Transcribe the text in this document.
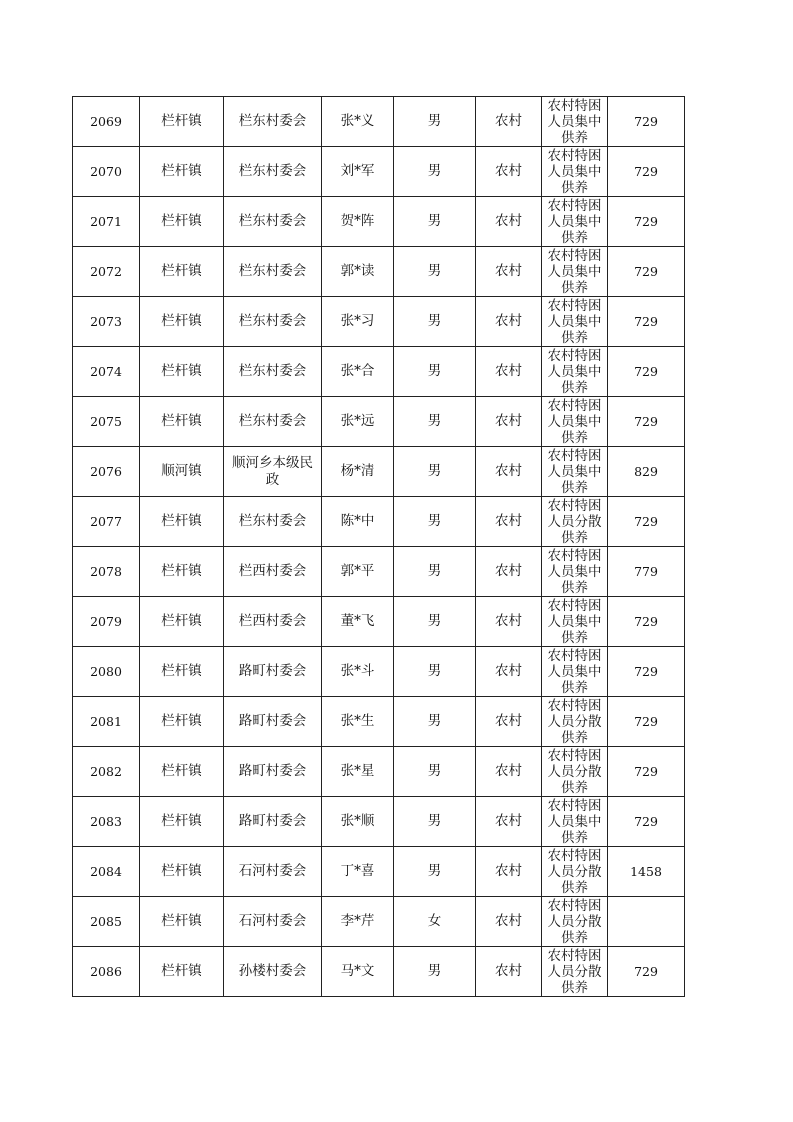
2069	栏杆镇	栏东村委会	张*义	男	农村	农村特困人员集中供养	729
2070	栏杆镇	栏东村委会	刘*军	男	农村	农村特困人员集中供养	729
2071	栏杆镇	栏东村委会	贺*阵	男	农村	农村特困人员集中供养	729
2072	栏杆镇	栏东村委会	郭*读	男	农村	农村特困人员集中供养	729
2073	栏杆镇	栏东村委会	张*习	男	农村	农村特困人员集中供养	729
2074	栏杆镇	栏东村委会	张*合	男	农村	农村特困人员集中供养	729
2075	栏杆镇	栏东村委会	张*远	男	农村	农村特困人员集中供养	729
2076	顺河镇	顺河乡本级民政	杨*清	男	农村	农村特困人员集中供养	829
2077	栏杆镇	栏东村委会	陈*中	男	农村	农村特困人员分散供养	729
2078	栏杆镇	栏西村委会	郭*平	男	农村	农村特困人员集中供养	779
2079	栏杆镇	栏西村委会	董*飞	男	农村	农村特困人员集中供养	729
2080	栏杆镇	路町村委会	张*斗	男	农村	农村特困人员集中供养	729
2081	栏杆镇	路町村委会	张*生	男	农村	农村特困人员分散供养	729
2082	栏杆镇	路町村委会	张*星	男	农村	农村特困人员分散供养	729
2083	栏杆镇	路町村委会	张*顺	男	农村	农村特困人员集中供养	729
2084	栏杆镇	石河村委会	丁*喜	男	农村	农村特困人员分散供养	1458
2085	栏杆镇	石河村委会	李*芹	女	农村	农村特困人员分散供养	

2086	栏杆镇	孙楼村委会	马*文	男	农村	农村特困人员分散供养	729
